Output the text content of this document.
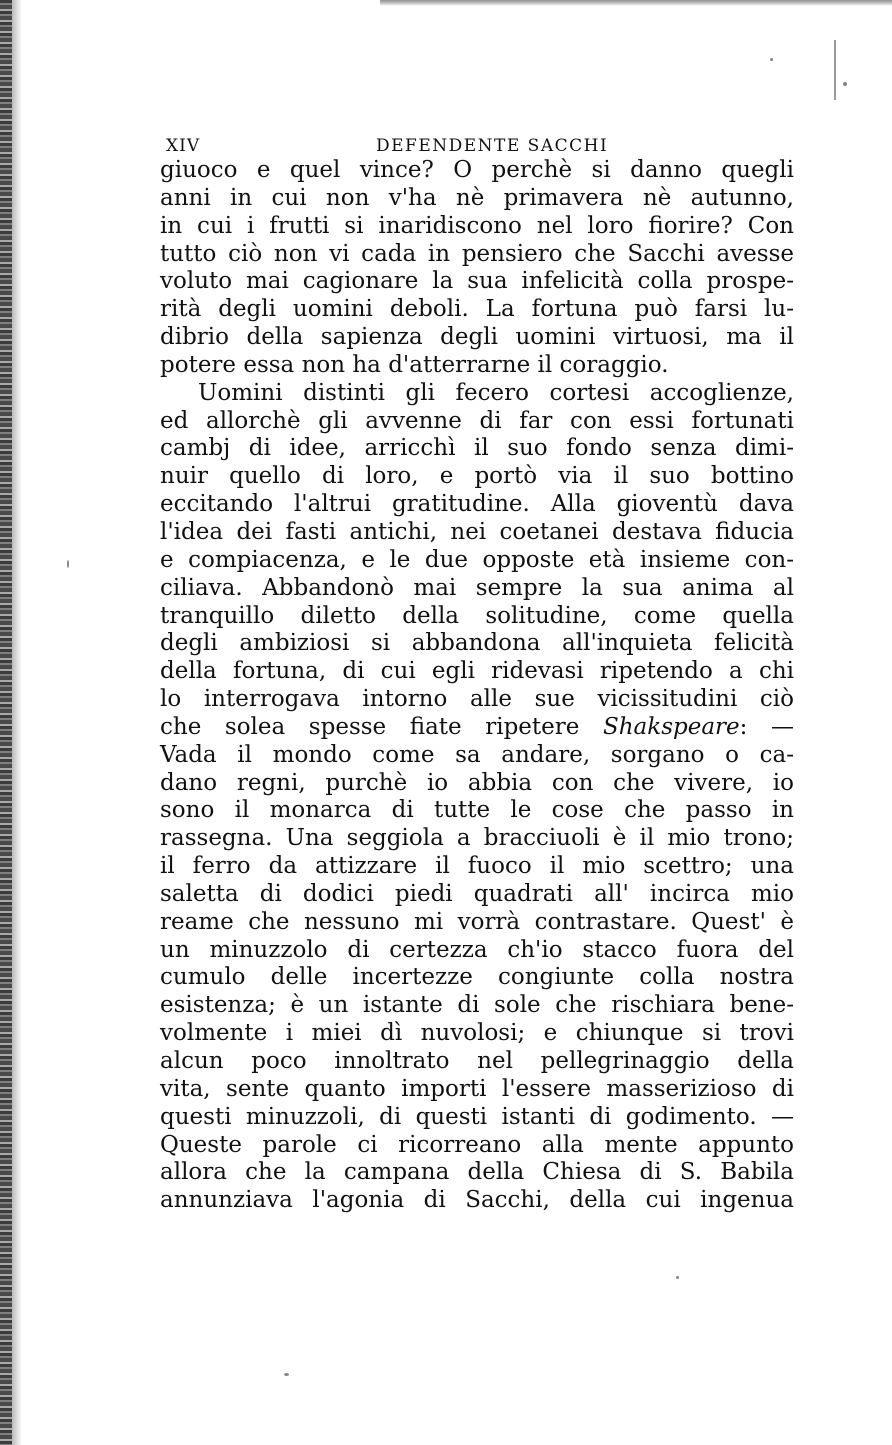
XIV	DEFENDENTE SACCHI
giuoco e quel vince? O perchè si danno quegli
anni in cui non v'ha nè primavera nè autunno,
in cui i frutti si inaridiscono nel loro fiorire? Con
tutto ciò non vi cada in pensiero che Sacchi avesse
voluto mai cagionare la sua infelicità colla prospe-
rità degli uomini deboli. La fortuna può farsi lu-
dibrio della sapienza degli uomini virtuosi, ma il
potere essa non ha d'atterrarne il coraggio.
Uomini distinti gli fecero cortesi accoglienze,
ed allorchè gli avvenne di far con essi fortunati
cambj di idee, arricchì il suo fondo senza dimi-
nuir quello di loro, e portò via il suo bottino
eccitando l'altrui gratitudine. Alla gioventù dava
l'idea dei fasti antichi, nei coetanei destava fiducia
e compiacenza, e le due opposte età insieme con-
ciliava. Abbandonò mai sempre la sua anima al
tranquillo diletto della solitudine, come quella
degli ambiziosi si abbandona all'inquieta felicità
della fortuna, di cui egli ridevasi ripetendo a chi
lo interrogava intorno alle sue vicissitudini ciò
che solea spesse fiate ripetere Shakspeare: —
Vada il mondo come sa andare, sorgano o ca-
dano regni, purchè io abbia con che vivere, io
sono il monarca di tutte le cose che passo in
rassegna. Una seggiola a bracciuoli è il mio trono;
il ferro da attizzare il fuoco il mio scettro; una
saletta di dodici piedi quadrati all' incirca mio
reame che nessuno mi vorrà contrastare. Quest' è
un minuzzolo di certezza ch'io stacco fuora del
cumulo delle incertezze congiunte colla nostra
esistenza; è un istante di sole che rischiara bene-
volmente i miei dì nuvolosi; e chiunque si trovi
alcun poco innoltrato nel pellegrinaggio della
vita, sente quanto importi l'essere masserizioso di
questi minuzzoli, di questi istanti di godimento. —
Queste parole ci ricorreano alla mente appunto
allora che la campana della Chiesa di S. Babila
annunziava l'agonia di Sacchi, della cui ingenua
